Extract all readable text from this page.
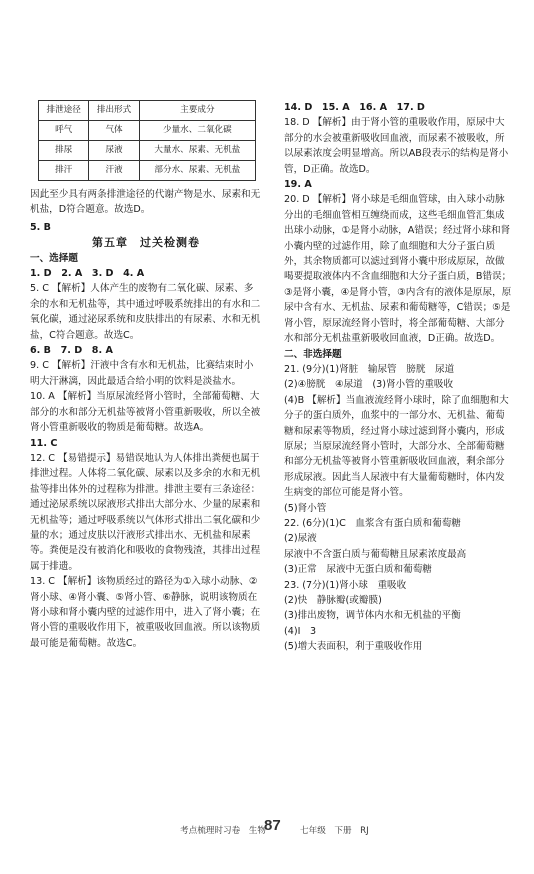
排泄途径	排出形式	主要成分
呼气	气体	少量水、二氧化碳
排尿	尿液	大量水、尿素、无机盐
排汗	汗液	部分水、尿素、无机盐

因此至少具有两条排泄途径的代谢产物是水、尿素和无机盐，D符合题意。故选D。

5. B

第五章　过关检测卷

一、选择题

1. D　2. A　3. D　4. A

5. C 【解析】人体产生的废物有二氧化碳、尿素、多余的水和无机盐等，其中通过呼吸系统排出的有水和二氧化碳，通过泌尿系统和皮肤排出的有尿素、水和无机盐，C符合题意。故选C。

6. B　7. D　8. A

9. C 【解析】汗液中含有水和无机盐，比赛结束时小明大汗淋漓，因此最适合给小明的饮料是淡盐水。

10. A 【解析】当原尿流经肾小管时，全部葡萄糖、大部分的水和部分无机盐等被肾小管重新吸收，所以全被肾小管重新吸收的物质是葡萄糖。故选A。

11. C

12. C 【易错提示】易错误地认为人体排出粪便也属于排泄过程。人体将二氧化碳、尿素以及多余的水和无机盐等排出体外的过程称为排泄。排泄主要有三条途径：通过泌尿系统以尿液形式排出大部分水、少量的尿素和无机盐等；通过呼吸系统以气体形式排出二氧化碳和少量的水；通过皮肤以汗液形式排出水、无机盐和尿素等。粪便是没有被消化和吸收的食物残渣，其排出过程属于排遗。

13. C 【解析】该物质经过的路径为①入球小动脉、②肾小球、④肾小囊、⑤肾小管、⑥静脉，说明该物质在肾小球和肾小囊内壁的过滤作用中，进入了肾小囊；在肾小管的重吸收作用下，被重吸收回血液。所以该物质最可能是葡萄糖。故选C。

14. D　15. A　16. A　17. D

18. D 【解析】由于肾小管的重吸收作用，原尿中大部分的水会被重新吸收回血液，而尿素不被吸收，所以尿素浓度会明显增高。所以AB段表示的结构是肾小管，D正确。故选D。

19. A

20. D 【解析】肾小球是毛细血管球，由入球小动脉分出的毛细血管相互缠绕而成，这些毛细血管汇集成出球小动脉，①是肾小动脉，A错误；经过肾小球和肾小囊内壁的过滤作用，除了血细胞和大分子蛋白质外，其余物质都可以滤过到肾小囊中形成原尿，故做喝要提取液体内不含血细胞和大分子蛋白质，B错误；③是肾小囊，④是肾小管，③内含有的液体是原尿，原尿中含有水、无机盐、尿素和葡萄糖等，C错误；⑤是肾小管，原尿流经肾小管时，将全部葡萄糖、大部分水和部分无机盐重新吸收回血液，D正确。故选D。

二、非选择题

21. (9分)(1)肾脏　输尿管　膀胱　尿道

(2)④膀胱　④尿道　(3)肾小管的重吸收

(4)B 【解析】当血液流经肾小球时，除了血细胞和大分子的蛋白质外，血浆中的一部分水、无机盐、葡萄糖和尿素等物质，经过肾小球过滤到肾小囊内，形成原尿；当原尿流经肾小管时，大部分水、全部葡萄糖和部分无机盐等被肾小管重新吸收回血液，剩余部分形成尿液。因此当人尿液中有大量葡萄糖时，体内发生病变的部位可能是肾小管。

(5)肾小管

22. (6分)(1)C　血浆含有蛋白质和葡萄糖

(2)尿液

尿液中不含蛋白质与葡萄糖且尿素浓度最高

(3)正常　尿液中无蛋白质和葡萄糖

23. (7分)(1)肾小球　重吸收

(2)快　静脉瓣(或瓣膜)

(3)排出废物，调节体内水和无机盐的平衡

(4)Ⅰ　3

(5)增大表面积，利于重吸收作用

考点梳理时习卷　生物
87 七年级　下册　RJ
